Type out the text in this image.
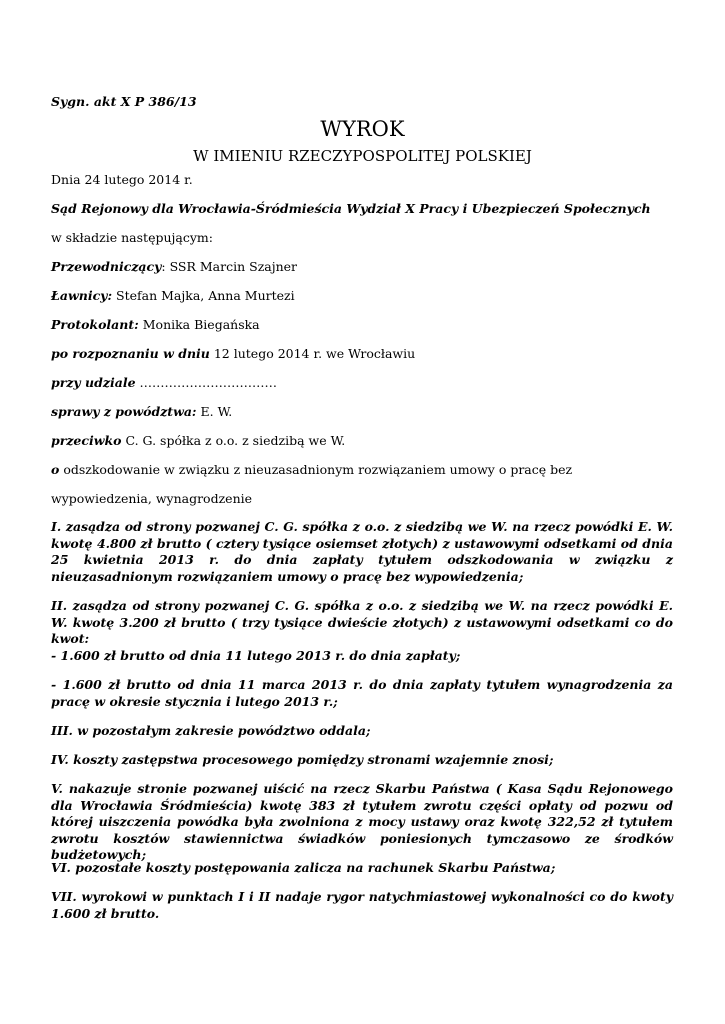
Sygn. akt X P 386/13
WYROK
W IMIENIU RZECZYPOSPOLITEJ POLSKIEJ
Dnia 24 lutego 2014 r.
Sąd Rejonowy dla Wrocławia-Śródmieścia Wydział X Pracy i Ubezpieczeń Społecznych
w składzie następującym:
Przewodniczący: SSR Marcin Szajner
Ławnicy: Stefan Majka, Anna Murtezi
Protokolant: Monika Biegańska
po rozpoznaniu w dniu 12 lutego 2014 r. we Wrocławiu
przy udziale ……………………………
sprawy z powództwa: E. W.
przeciwko C. G. spółka z o.o. z siedzibą we W.
o odszkodowanie w związku z nieuzasadnionym rozwiązaniem umowy o pracę bez
wypowiedzenia, wynagrodzenie
I. zasądza od strony pozwanej C. G. spółka z o.o. z siedzibą we W. na rzecz powódki E. W. kwotę 4.800 zł brutto ( cztery tysiące osiemset złotych) z ustawowymi odsetkami od dnia 25 kwietnia 2013 r. do dnia zapłaty tytułem odszkodowania w związku z nieuzasadnionym rozwiązaniem umowy o pracę bez wypowiedzenia;
II. zasądza od strony pozwanej C. G. spółka z o.o. z siedzibą we W. na rzecz powódki E. W. kwotę 3.200 zł brutto ( trzy tysiące dwieście złotych) z ustawowymi odsetkami co do kwot:
- 1.600 zł brutto od dnia 11 lutego 2013 r. do dnia zapłaty;
- 1.600 zł brutto od dnia 11 marca 2013 r. do dnia zapłaty tytułem wynagrodzenia za pracę w okresie stycznia i lutego 2013 r.;
III. w pozostałym zakresie powództwo oddala;
IV. koszty zastępstwa procesowego pomiędzy stronami wzajemnie znosi;
V. nakazuje stronie pozwanej uiścić na rzecz Skarbu Państwa ( Kasa Sądu Rejonowego dla Wrocławia Śródmieścia) kwotę 383 zł tytułem zwrotu części opłaty od pozwu od której uiszczenia powódka była zwolniona z mocy ustawy oraz kwotę 322,52 zł tytułem zwrotu kosztów stawiennictwa świadków poniesionych tymczasowo ze środków budżetowych;
VI. pozostałe koszty postępowania zalicza na rachunek Skarbu Państwa;
VII. wyrokowi w punktach I i II nadaje rygor natychmiastowej wykonalności co do kwoty 1.600 zł brutto.
